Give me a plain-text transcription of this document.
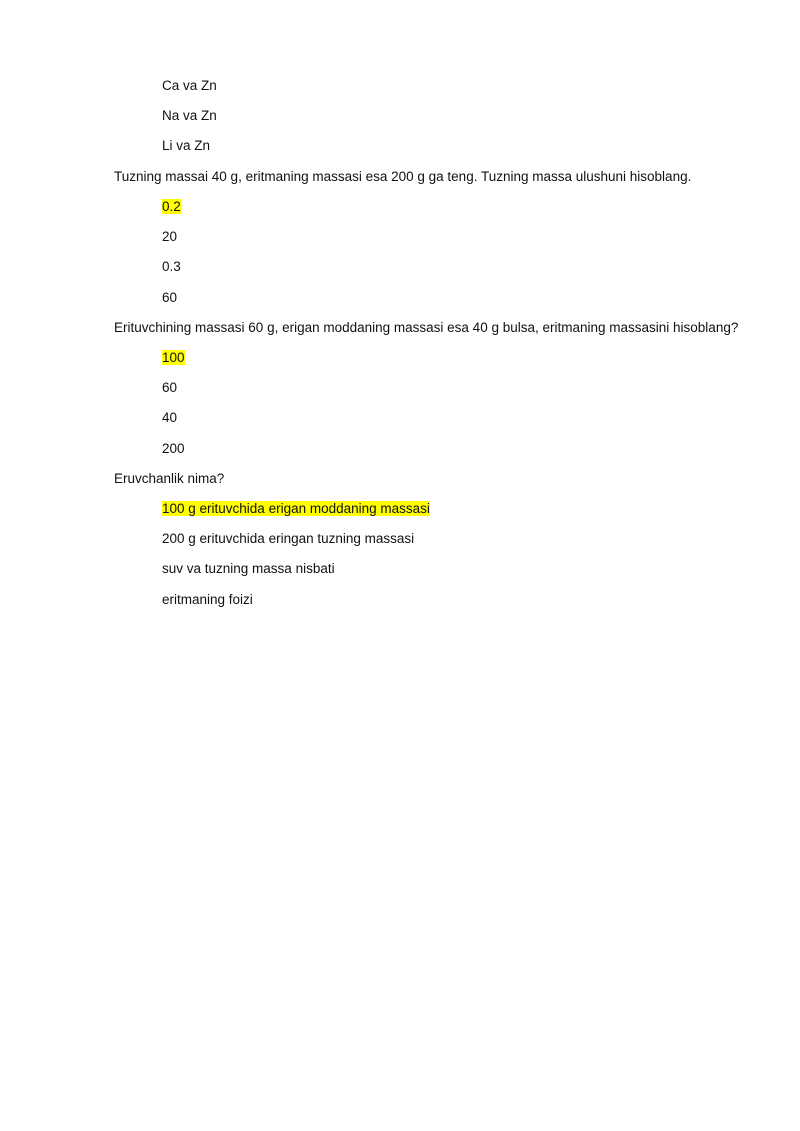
Ca va Zn
Na va Zn
Li va Zn
Tuzning massai 40 g, eritmaning massasi esa 200 g ga teng. Tuzning massa ulushuni hisoblang.
0.2
20
0.3
60
Erituvchining massasi 60 g, erigan moddaning massasi esa 40 g bulsa, eritmaning massasini hisoblang?
100
60
40
200
Eruvchanlik nima?
100 g erituvchida erigan moddaning massasi
200 g erituvchida eringan tuzning massasi
suv va tuzning massa nisbati
eritmaning foizi
